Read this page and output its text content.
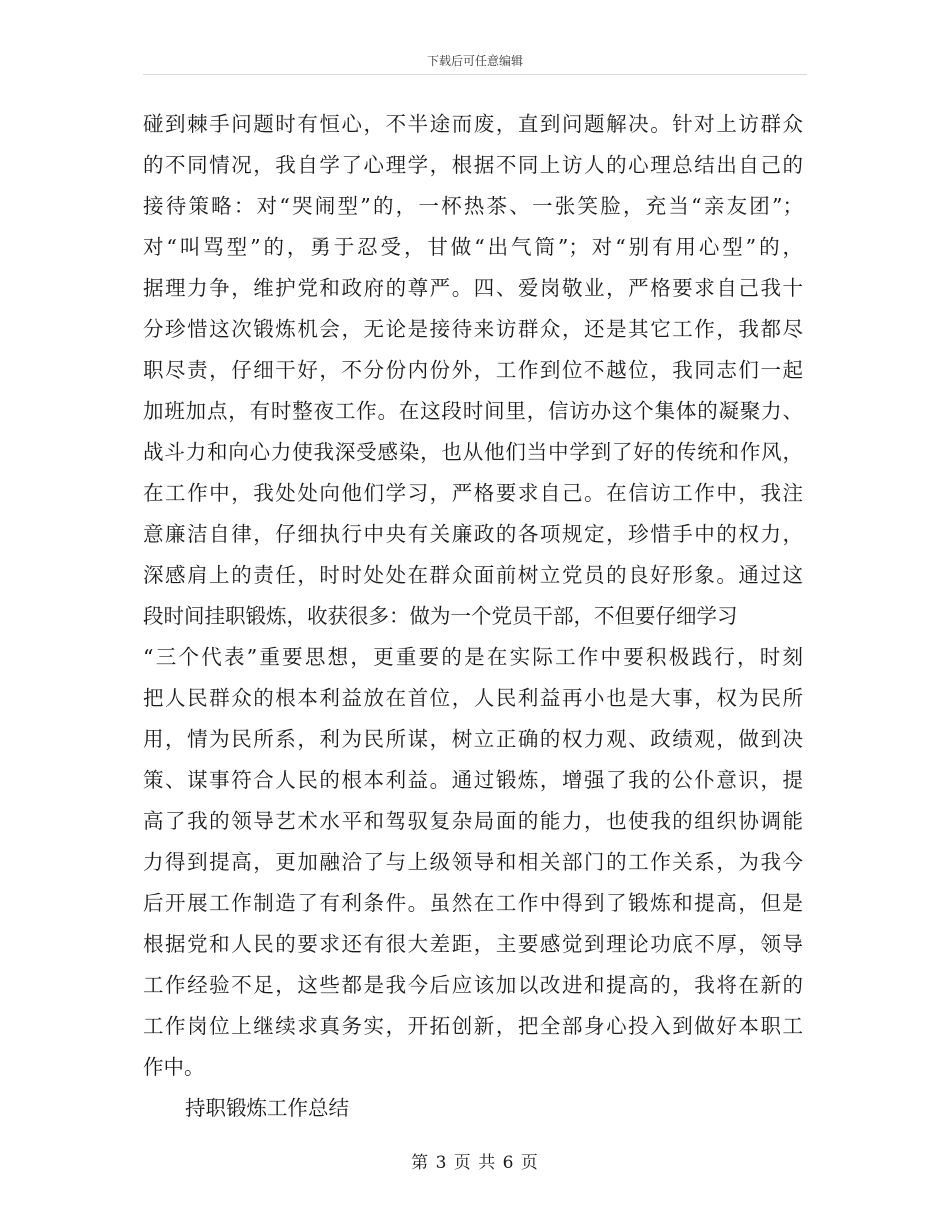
下载后可任意编辑
碰到棘手问题时有恒心，不半途而废，直到问题解决。针对上访群众
的不同情况，我自学了心理学，根据不同上访人的心理总结出自己的
接待策略：对“哭闹型”的，一杯热茶、一张笑脸，充当“亲友团”；
对“叫骂型”的，勇于忍受，甘做“出气筒”；对“别有用心型”的，
据理力争，维护党和政府的尊严。四、爱岗敬业，严格要求自己我十
分珍惜这次锻炼机会，无论是接待来访群众，还是其它工作，我都尽
职尽责，仔细干好，不分份内份外，工作到位不越位，我同志们一起
加班加点，有时整夜工作。在这段时间里，信访办这个集体的凝聚力、
战斗力和向心力使我深受感染，也从他们当中学到了好的传统和作风，
在工作中，我处处向他们学习，严格要求自己。在信访工作中，我注
意廉洁自律，仔细执行中央有关廉政的各项规定，珍惜手中的权力，
深感肩上的责任，时时处处在群众面前树立党员的良好形象。通过这
段时间挂职锻炼，收获很多：做为一个党员干部，不但要仔细学习
“三个代表”重要思想，更重要的是在实际工作中要积极践行，时刻
把人民群众的根本利益放在首位，人民利益再小也是大事，权为民所
用，情为民所系，利为民所谋，树立正确的权力观、政绩观，做到决
策、谋事符合人民的根本利益。通过锻炼，增强了我的公仆意识，提
高了我的领导艺术水平和驾驭复杂局面的能力，也使我的组织协调能
力得到提高，更加融洽了与上级领导和相关部门的工作关系，为我今
后开展工作制造了有利条件。虽然在工作中得到了锻炼和提高，但是
根据党和人民的要求还有很大差距，主要感觉到理论功底不厚，领导
工作经验不足，这些都是我今后应该加以改进和提高的，我将在新的
工作岗位上继续求真务实，开拓创新，把全部身心投入到做好本职工
作中。
持职锻炼工作总结
第 3 页 共 6 页
